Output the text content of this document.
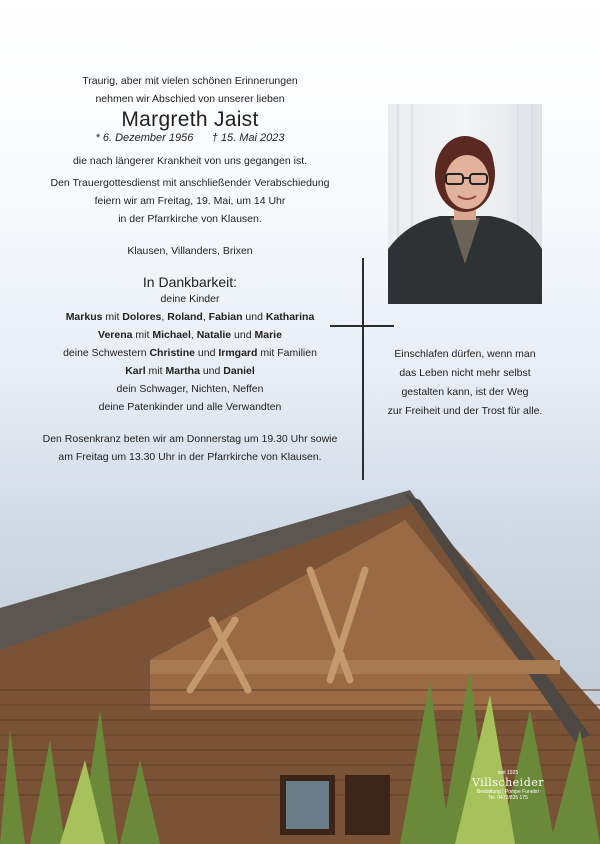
Traurig, aber mit vielen schönen Erinnerungen

nehmen wir Abschied von unserer lieben

Margreth Jaist

* 6. Dezember 1956 † 15. Mai 2023

die nach längerer Krankheit von uns gegangen ist.

Den Trauergottesdienst mit anschließender Verabschiedung

feiern wir am Freitag, 19. Mai, um 14 Uhr

in der Pfarrkirche von Klausen.

Klausen, Villanders, Brixen

In Dankbarkeit:

deine Kinder

Markus mit Dolores, Roland, Fabian und Katharina

Verena mit Michael, Natalie und Marie

deine Schwestern Christine und Irmgard mit Familien

Karl mit Martha und Daniel

dein Schwager, Nichten, Neffen

deine Patenkinder und alle Verwandten

Den Rosenkranz beten wir am Donnerstag um 19.30 Uhr sowie

am Freitag um 13.30 Uhr in der Pfarrkirche von Klausen.

Einschlafen dürfen, wenn man
das Leben nicht mehr selbst
gestalten kann, ist der Weg
zur Freiheit und der Trost für alle.
seit 1925
Villscheider
Bestattung | Pompe Funebri
Tel. 0472/835 175
